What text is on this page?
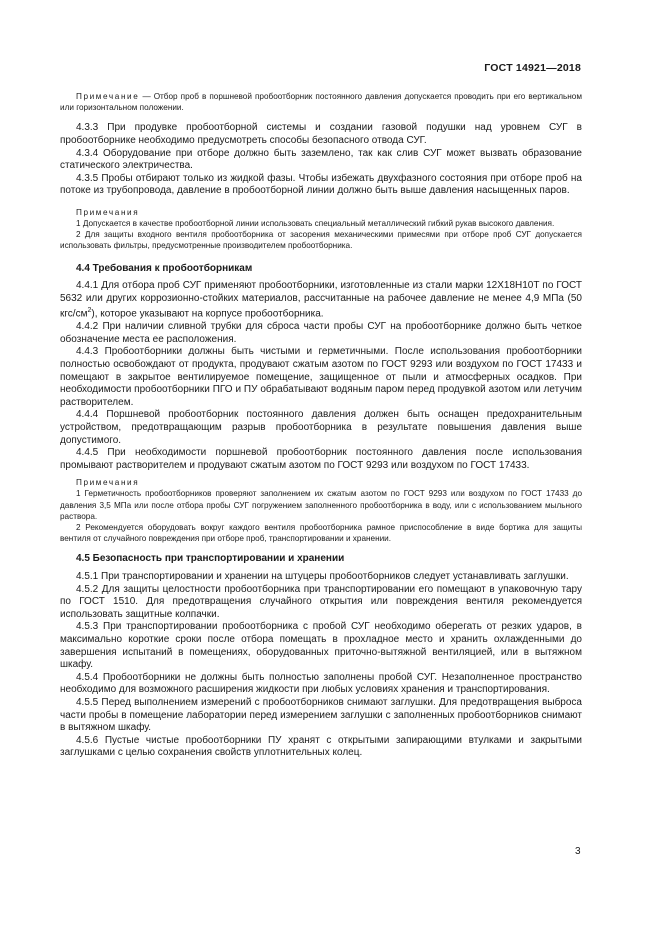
ГОСТ 14921—2018

Примечание — Отбор проб в поршневой пробоотборник постоянного давления допускается проводить при его вертикальном или горизонтальном положении.

4.3.3 При продувке пробоотборной системы и создании газовой подушки над уровнем СУГ в пробоотборнике необходимо предусмотреть способы безопасного отвода СУГ.

4.3.4 Оборудование при отборе должно быть заземлено, так как слив СУГ может вызвать образование статического электричества.

4.3.5 Пробы отбирают только из жидкой фазы. Чтобы избежать двухфазного состояния при отборе проб на потоке из трубопровода, давление в пробоотборной линии должно быть выше давления насыщенных паров.

Примечания

1 Допускается в качестве пробоотборной линии использовать специальный металлический гибкий рукав высокого давления.

2 Для защиты входного вентиля пробоотборника от засорения механическими примесями при отборе проб СУГ допускается использовать фильтры, предусмотренные производителем пробоотборника.

4.4 Требования к пробоотборникам

4.4.1 Для отбора проб СУГ применяют пробоотборники, изготовленные из стали марки 12Х18Н10Т по ГОСТ 5632 или других коррозионно-стойких материалов, рассчитанные на рабочее давление не менее 4,9 МПа (50 кгс/$см^2$), которое указывают на корпусе пробоотборника.

4.4.2 При наличии сливной трубки для сброса части пробы СУГ на пробоотборнике должно быть четкое обозначение места ее расположения.

4.4.3 Пробоотборники должны быть чистыми и герметичными. После использования пробоотборники полностью освобождают от продукта, продувают сжатым азотом по ГОСТ 9293 или воздухом по ГОСТ 17433 и помещают в закрытое вентилируемое помещение, защищенное от пыли и атмосферных осадков. При необходимости пробоотборники ПГО и ПУ обрабатывают водяным паром перед продувкой азотом или летучим растворителем.

4.4.4 Поршневой пробоотборник постоянного давления должен быть оснащен предохранительным устройством, предотвращающим разрыв пробоотборника в результате повышения давления выше допустимого.

4.4.5 При необходимости поршневой пробоотборник постоянного давления после использования промывают растворителем и продувают сжатым азотом по ГОСТ 9293 или воздухом по ГОСТ 17433.

Примечания

1 Герметичность пробоотборников проверяют заполнением их сжатым азотом по ГОСТ 9293 или воздухом по ГОСТ 17433 до давления 3,5 МПа или после отбора пробы СУГ погружением заполненного пробоотборника в воду, или с использованием мыльного раствора.

2 Рекомендуется оборудовать вокруг каждого вентиля пробоотборника рамное приспособление в виде бортика для защиты вентиля от случайного повреждения при отборе проб, транспортировании и хранении.

4.5 Безопасность при транспортировании и хранении

4.5.1 При транспортировании и хранении на штуцеры пробоотборников следует устанавливать заглушки.

4.5.2 Для защиты целостности пробоотборника при транспортировании его помещают в упаковочную тару по ГОСТ 1510. Для предотвращения случайного открытия или повреждения вентиля рекомендуется использовать защитные колпачки.

4.5.3 При транспортировании пробоотборника с пробой СУГ необходимо оберегать от резких ударов, в максимально короткие сроки после отбора помещать в прохладное место и хранить охлажденными до завершения испытаний в помещениях, оборудованных приточно-вытяжной вентиляцией, или в вытяжном шкафу.

4.5.4 Пробоотборники не должны быть полностью заполнены пробой СУГ. Незаполненное пространство необходимо для возможного расширения жидкости при любых условиях хранения и транспортирования.

4.5.5 Перед выполнением измерений с пробоотборников снимают заглушки. Для предотвращения выброса части пробы в помещение лаборатории перед измерением заглушки с заполненных пробоотборников снимают в вытяжном шкафу.

4.5.6 Пустые чистые пробоотборники ПУ хранят с открытыми запирающими втулками и закрытыми заглушками с целью сохранения свойств уплотнительных колец.

3
